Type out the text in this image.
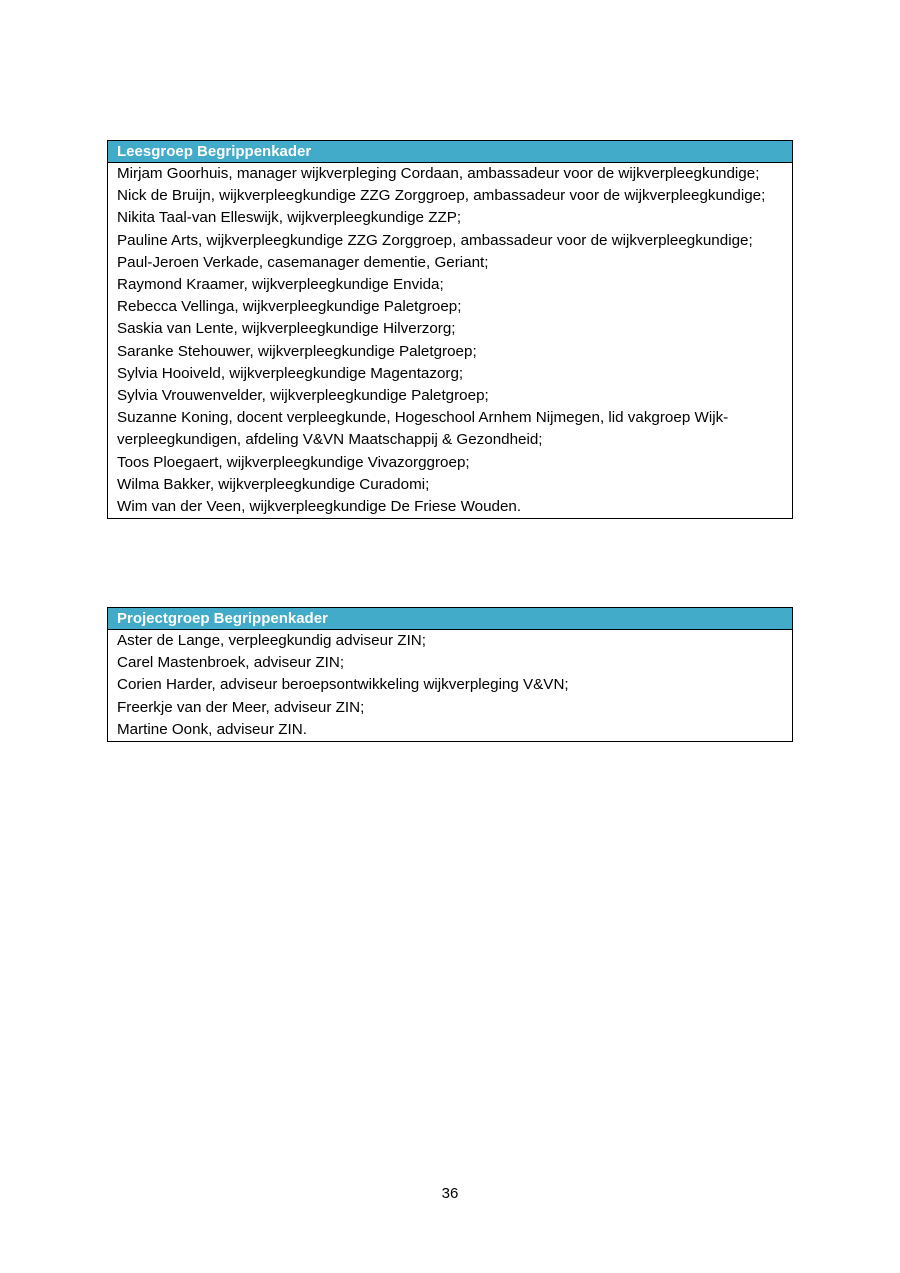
Leesgroep Begrippenkader
Mirjam Goorhuis, manager wijkverpleging Cordaan, ambassadeur voor de wijkverpleegkundige;
Nick de Bruijn, wijkverpleegkundige ZZG Zorggroep, ambassadeur voor de wijkverpleegkundige;
Nikita Taal-van Elleswijk, wijkverpleegkundige ZZP;
Pauline Arts, wijkverpleegkundige ZZG Zorggroep, ambassadeur voor de wijkverpleegkundige;
Paul-Jeroen Verkade, casemanager dementie, Geriant;
Raymond Kraamer, wijkverpleegkundige Envida;
Rebecca Vellinga, wijkverpleegkundige Paletgroep;
Saskia van Lente, wijkverpleegkundige Hilverzorg;
Saranke Stehouwer, wijkverpleegkundige Paletgroep;
Sylvia Hooiveld, wijkverpleegkundige Magentazorg;
Sylvia Vrouwenvelder, wijkverpleegkundige Paletgroep;
Suzanne Koning, docent verpleegkunde, Hogeschool Arnhem Nijmegen, lid vakgroep Wijkverpleegkundigen, afdeling V&VN Maatschappij & Gezondheid;
Toos Ploegaert, wijkverpleegkundige Vivazorggroep;
Wilma Bakker, wijkverpleegkundige Curadomi;
Wim van der Veen, wijkverpleegkundige De Friese Wouden.
Projectgroep Begrippenkader
Aster de Lange, verpleegkundig adviseur ZIN;
Carel Mastenbroek, adviseur ZIN;
Corien Harder, adviseur beroepsontwikkeling wijkverpleging V&VN;
Freerkje van der Meer, adviseur ZIN;
Martine Oonk, adviseur ZIN.
36
